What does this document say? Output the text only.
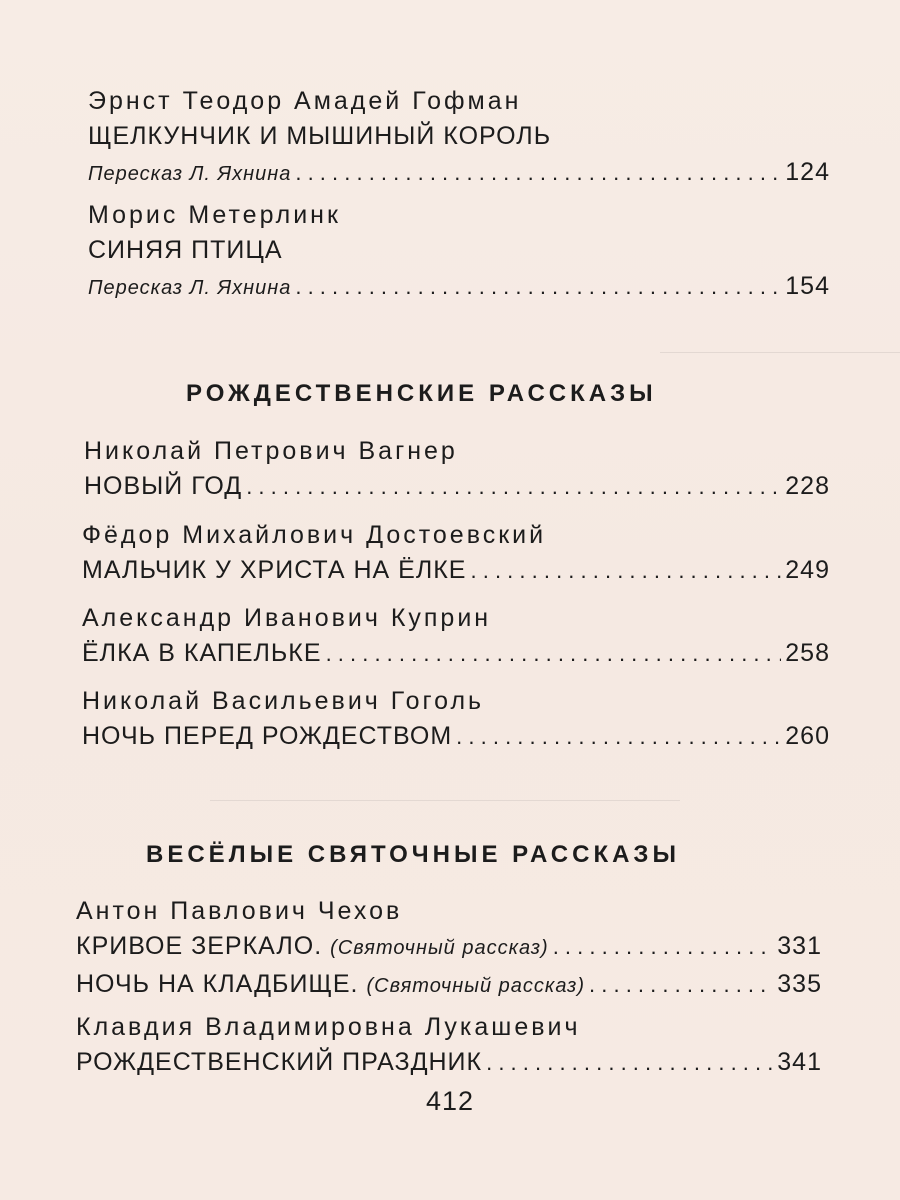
Эрнст Теодор Амадей Гофман
ЩЕЛКУНЧИК И МЫШИНЫЙ КОРОЛЬ
Пересказ Л. Яхнина . . .	124
Морис Метерлинк
СИНЯЯ ПТИЦА
Пересказ Л. Яхнина . . .	154
РОЖДЕСТВЕНСКИЕ РАССКАЗЫ
Николай Петрович Вагнер
НОВЫЙ ГОД . . .	228
Фёдор Михайлович Достоевский
МАЛЬЧИК У ХРИСТА НА ЁЛКЕ . . .	249
Александр Иванович Куприн
ЁЛКА В КАПЕЛЬКЕ . . .	258
Николай Васильевич Гоголь
НОЧЬ ПЕРЕД РОЖДЕСТВОМ . . .	260
ВЕСЁЛЫЕ СВЯТОЧНЫЕ РАССКАЗЫ
Антон Павлович Чехов
КРИВОЕ ЗЕРКАЛО. (Святочный рассказ) . . .	331
НОЧЬ НА КЛАДБИЩЕ. (Святочный рассказ) . . .	335
Клавдия Владимировна Лукашевич
РОЖДЕСТВЕНСКИЙ ПРАЗДНИК . . .	341
412
